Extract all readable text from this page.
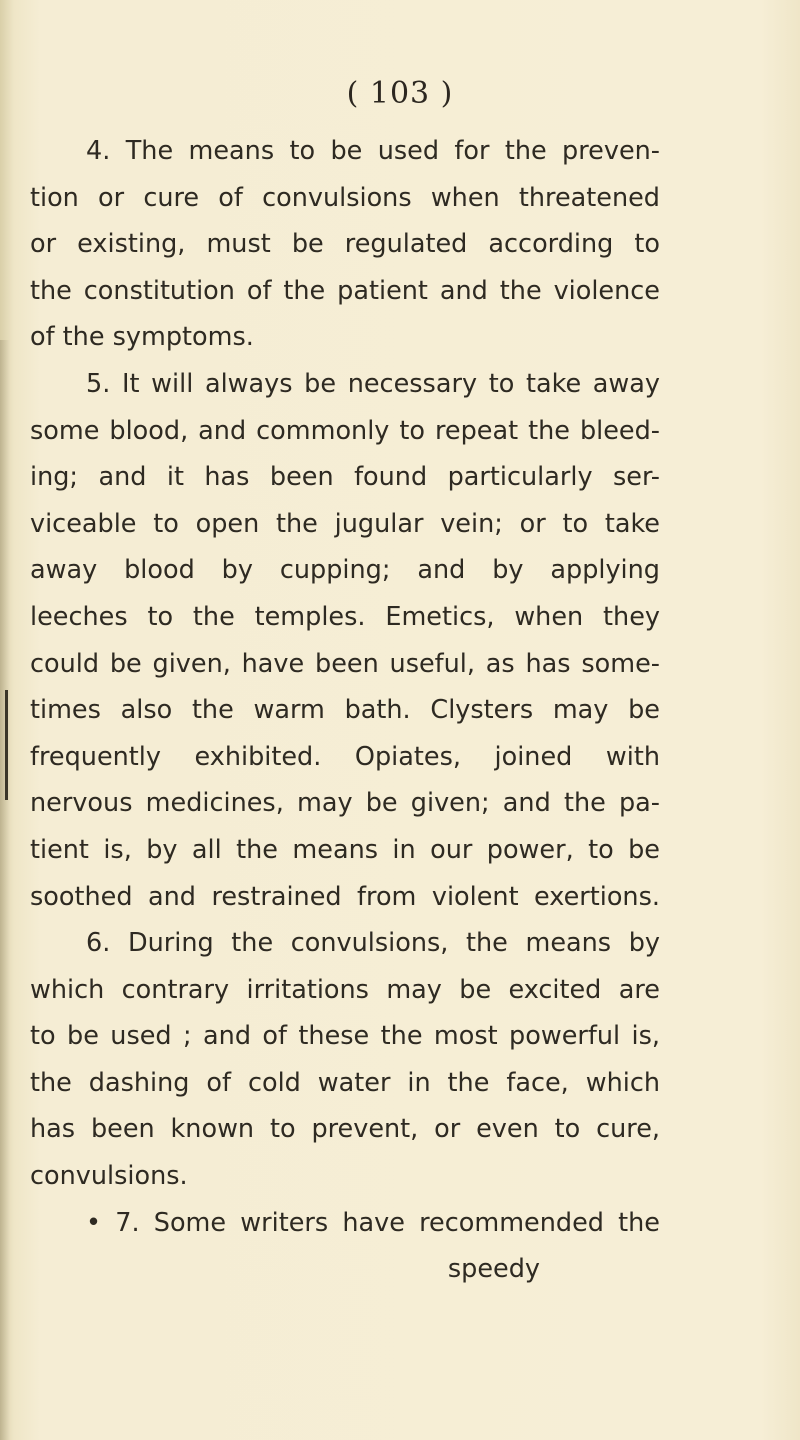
( 103 )
4. The means to be used for the preven-
tion or cure of convulsions when threatened
or existing, must be regulated according to
the constitution of the patient and the violence
of the symptoms.
5. It will always be necessary to take away
some blood, and commonly to repeat the bleed-
ing; and it has been found particularly ser-
viceable to open the jugular vein; or to take
away blood by cupping; and by applying
leeches to the temples. Emetics, when they
could be given, have been useful, as has some-
times also the warm bath. Clysters may be
frequently exhibited. Opiates, joined with
nervous medicines, may be given; and the pa-
tient is, by all the means in our power, to be
soothed and restrained from violent exertions.
6. During the convulsions, the means by
which contrary irritations may be excited are
to be used ; and of these the most powerful is,
the dashing of cold water in the face, which
has been known to prevent, or even to cure,
convulsions.
• 7. Some writers have recommended the
speedy
